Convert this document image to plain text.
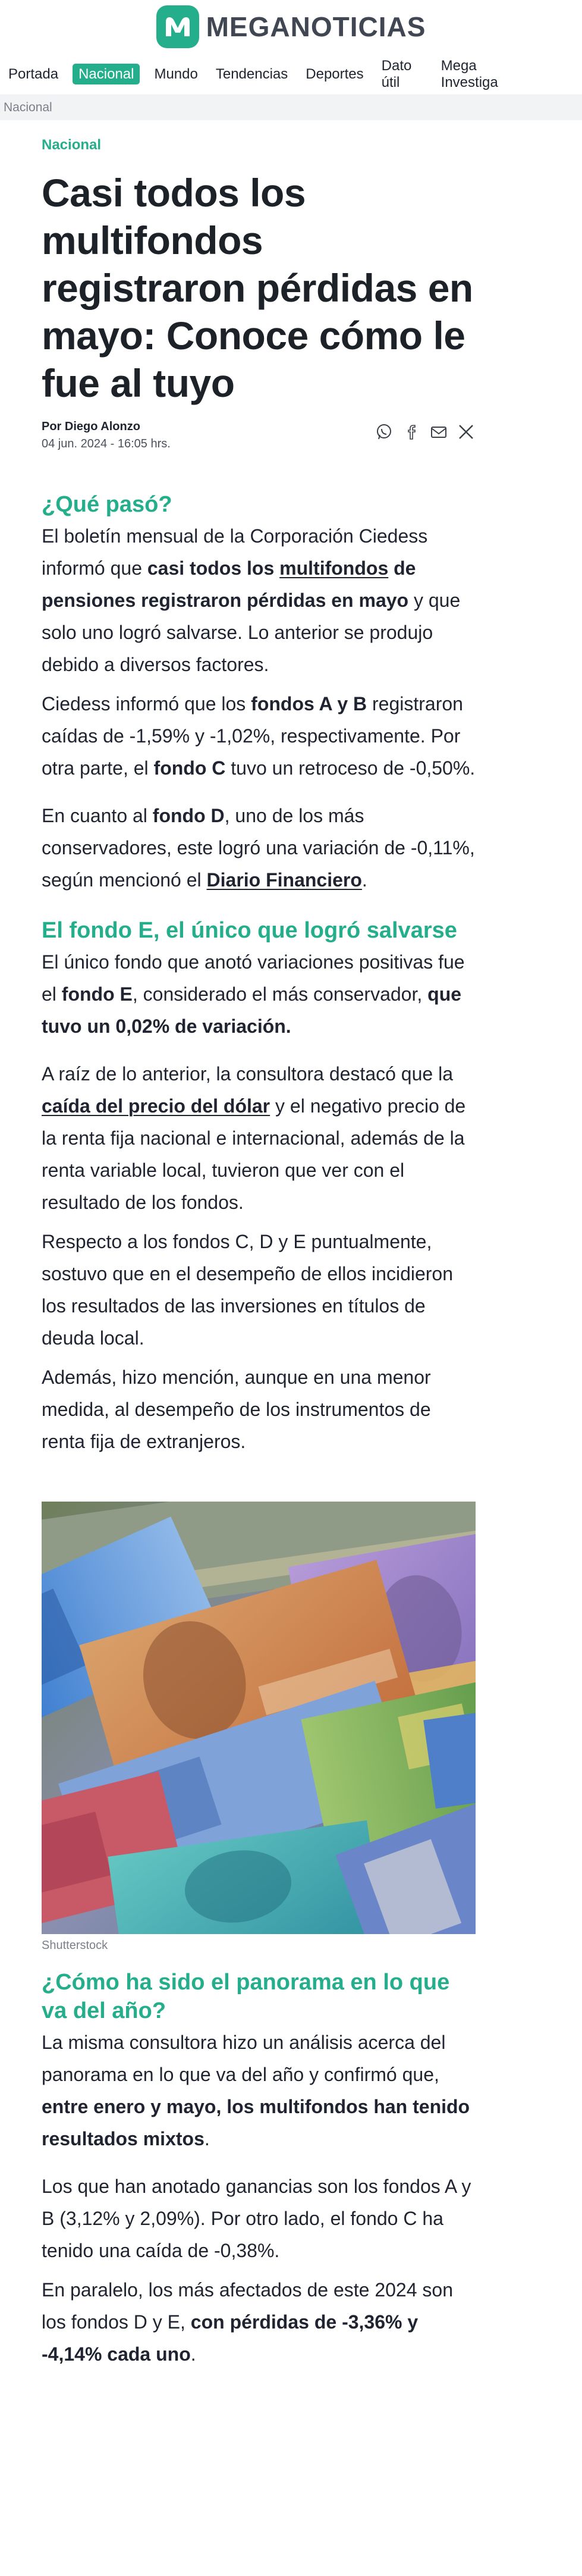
MEGANOTICIAS
Portada	Nacional	Mundo Tendencias Deportes
Dato útil
Mega Investiga
Nacional
Nacional
Casi todos los multifondos registraron pérdidas en mayo: Conoce cómo le fue al tuyo
Por Diego Alonzo
04 jun. 2024 - 16:05 hrs.
¿Qué pasó?

El boletín mensual de la Corporación Ciedess informó que casi todos los multifondos de pensiones registraron pérdidas en mayo y que solo uno logró salvarse. Lo anterior se produjo debido a diversos factores.

Ciedess informó que los fondos A y B registraron caídas de -1,59% y -1,02%, respectivamente. Por otra parte, el fondo C tuvo un retroceso de -0,50%.

En cuanto al fondo D, uno de los más conservadores, este logró una variación de -0,11%, según mencionó el Diario Financiero.

El fondo E, el único que logró salvarse

El único fondo que anotó variaciones positivas fue el fondo E, considerado el más conservador, que tuvo un 0,02% de variación.

A raíz de lo anterior, la consultora destacó que la caída del precio del dólar y el negativo precio de la renta fija nacional e internacional, además de la renta variable local, tuvieron que ver con el resultado de los fondos.

Respecto a los fondos C, D y E puntualmente, sostuvo que en el desempeño de ellos incidieron los resultados de las inversiones en títulos de deuda local.

Además, hizo mención, aunque en una menor medida, al desempeño de los instrumentos de renta fija de extranjeros.

Shutterstock
¿Cómo ha sido el panorama en lo que va del año?

La misma consultora hizo un análisis acerca del panorama en lo que va del año y confirmó que, entre enero y mayo, los multifondos han tenido resultados mixtos.

Los que han anotado ganancias son los fondos A y B (3,12% y 2,09%). Por otro lado, el fondo C ha tenido una caída de -0,38%.

En paralelo, los más afectados de este 2024 son los fondos D y E, con pérdidas de -3,36% y -4,14% cada uno.
